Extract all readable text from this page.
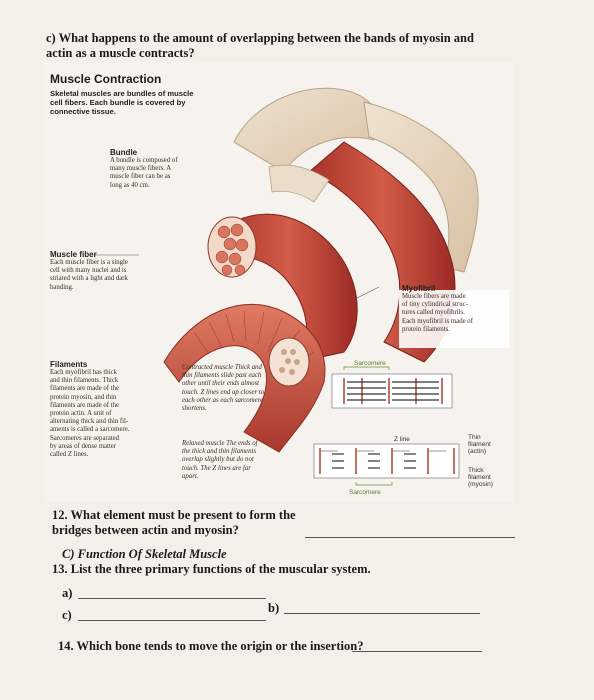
c) What happens to the amount of overlapping between the bands of myosin and
actin as a muscle contracts?
Muscle Contraction
Skeletal muscles are bundles of muscle
cell fibers. Each bundle is covered by
connective tissue.
Bundle
A bundle is composed of
many muscle fibers. A
muscle fiber can be as
long as 40 cm.
Muscle fiber
Each muscle fiber is a single
cell with many nuclei and is
striated with a light and dark
banding.	Myofibril
Muscle fibers are made
of tiny cylindrical struc-
tures called myofibrils.
Each myofibril is made of
protein filaments.
Filaments
Each myofibril has thick
and thin filaments. Thick
filaments are made of the
protein myosin, and thin
filaments are made of the
protein actin. A unit of
alternating thick and thin fil-
aments is called a sarcomere.
Sarcomeres are separated
by areas of dense matter
called Z lines.
Contracted muscle Thick and
thin filaments slide past each
other until their ends almost
touch. Z lines end up closer to
each other as each sarcomere
shortens.
Relaxed muscle The ends of
the thick and thin filaments
overlap slightly but do not
touch. The Z lines are far
apart.
Sarcomere
Sarcomere
Z line	Thin
filament
(actin)
Thick
filament
(myosin)
12. What element must be present to form the
bridges between actin and myosin?
C) Function Of Skeletal Muscle
13. List the three primary functions of the muscular system.
a)
b)
c)
14. Which bone tends to move the origin or the insertion?
